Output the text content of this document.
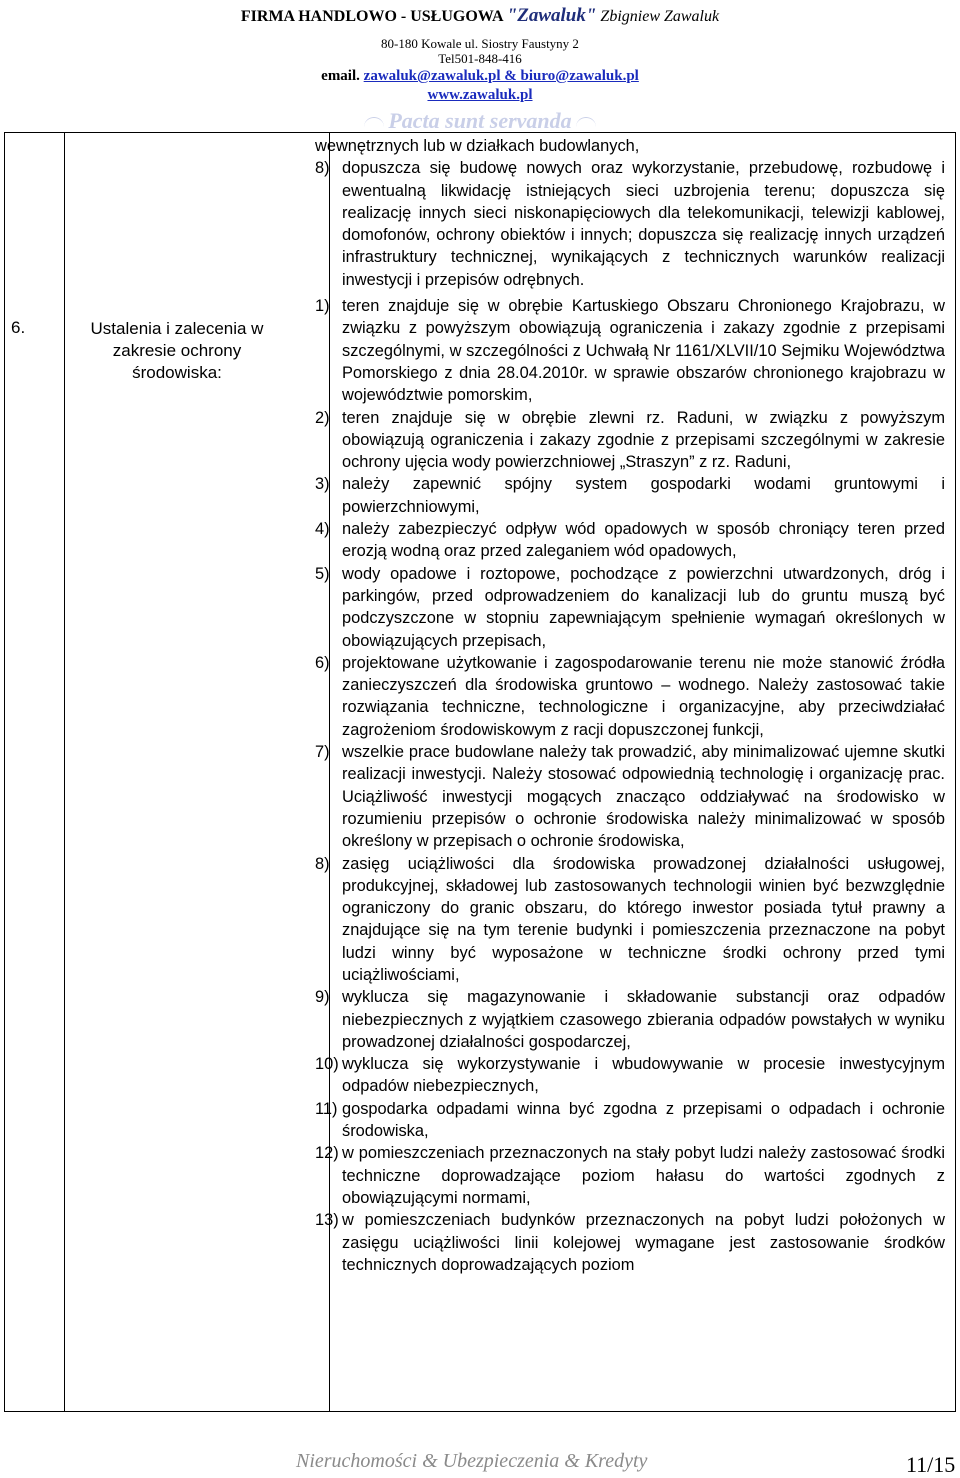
FIRMA HANDLOWO - USŁUGOWA "Zawaluk" Zbigniew Zawaluk
80-180 Kowale ul. Siostry Faustyny 2
Tel501-848-416
email. zawaluk@zawaluk.pl & biuro@zawaluk.pl
www.zawaluk.pl
Pacta sunt servanda

6.	Ustalenia i zalecenia w zakresie ochrony środowiska:

wewnętrznych lub w działkach budowlanych,

8) dopuszcza się budowę nowych oraz wykorzystanie, przebudowę, rozbudowę i ewentualną likwidację istniejących sieci uzbrojenia terenu; dopuszcza się realizację innych sieci niskonapięciowych dla telekomunikacji, telewizji kablowej, domofonów, ochrony obiektów i innych; dopuszcza się realizację innych urządzeń infrastruktury technicznej, wynikających z technicznych warunków realizacji inwestycji i przepisów odrębnych.
1) teren znajduje się w obrębie Kartuskiego Obszaru Chronionego Krajobrazu, w związku z powyższym obowiązują ograniczenia i zakazy zgodnie z przepisami szczególnymi, w szczególności z Uchwałą Nr 1161/XLVII/10 Sejmiku Województwa Pomorskiego z dnia 28.04.2010r. w sprawie obszarów chronionego krajobrazu w województwie pomorskim,
2) teren znajduje się w obrębie zlewni rz. Raduni, w związku z powyższym obowiązują ograniczenia i zakazy zgodnie z przepisami szczególnymi w zakresie ochrony ujęcia wody powierzchniowej „Straszyn” z rz. Raduni,
3) należy zapewnić spójny system gospodarki wodami gruntowymi i powierzchniowymi,
4) należy zabezpieczyć odpływ wód opadowych w sposób chroniący teren przed erozją wodną oraz przed zaleganiem wód opadowych,
5) wody opadowe i roztopowe, pochodzące z powierzchni utwardzonych, dróg i parkingów, przed odprowadzeniem do kanalizacji lub do gruntu muszą być podczyszczone w stopniu zapewniającym spełnienie wymagań określonych w obowiązujących przepisach,
6) projektowane użytkowanie i zagospodarowanie terenu nie może stanowić źródła zanieczyszczeń dla środowiska gruntowo – wodnego. Należy zastosować takie rozwiązania techniczne, technologiczne i organizacyjne, aby przeciwdziałać zagrożeniom środowiskowym z racji dopuszczonej funkcji,
7) wszelkie prace budowlane należy tak prowadzić, aby minimalizować ujemne skutki realizacji inwestycji. Należy stosować odpowiednią technologię i organizację prac. Uciążliwość inwestycji mogących znacząco oddziaływać na środowisko w rozumieniu przepisów o ochronie środowiska należy minimalizować w sposób określony w przepisach o ochronie środowiska,
8) zasięg uciążliwości dla środowiska prowadzonej działalności usługowej, produkcyjnej, składowej lub zastosowanych technologii winien być bezwzględnie ograniczony do granic obszaru, do którego inwestor posiada tytuł prawny a znajdujące się na tym terenie budynki i pomieszczenia przeznaczone na pobyt ludzi winny być wyposażone w techniczne środki ochrony przed tymi uciążliwościami,
9) wyklucza się magazynowanie i składowanie substancji oraz odpadów niebezpiecznych z wyjątkiem czasowego zbierania odpadów powstałych w wyniku prowadzonej działalności gospodarczej,
10) wyklucza się wykorzystywanie i wbudowywanie w procesie inwestycyjnym odpadów niebezpiecznych,
11) gospodarka odpadami winna być zgodna z przepisami o odpadach i ochronie środowiska,
12) w pomieszczeniach przeznaczonych na stały pobyt ludzi należy zastosować środki techniczne doprowadzające poziom hałasu do wartości zgodnych z obowiązującymi normami,
13) w pomieszczeniach budynków przeznaczonych na pobyt ludzi położonych w zasięgu uciążliwości linii kolejowej wymagane jest zastosowanie środków technicznych doprowadzających poziom
Nieruchomości & Ubezpieczenia & Kredyty	11/15
